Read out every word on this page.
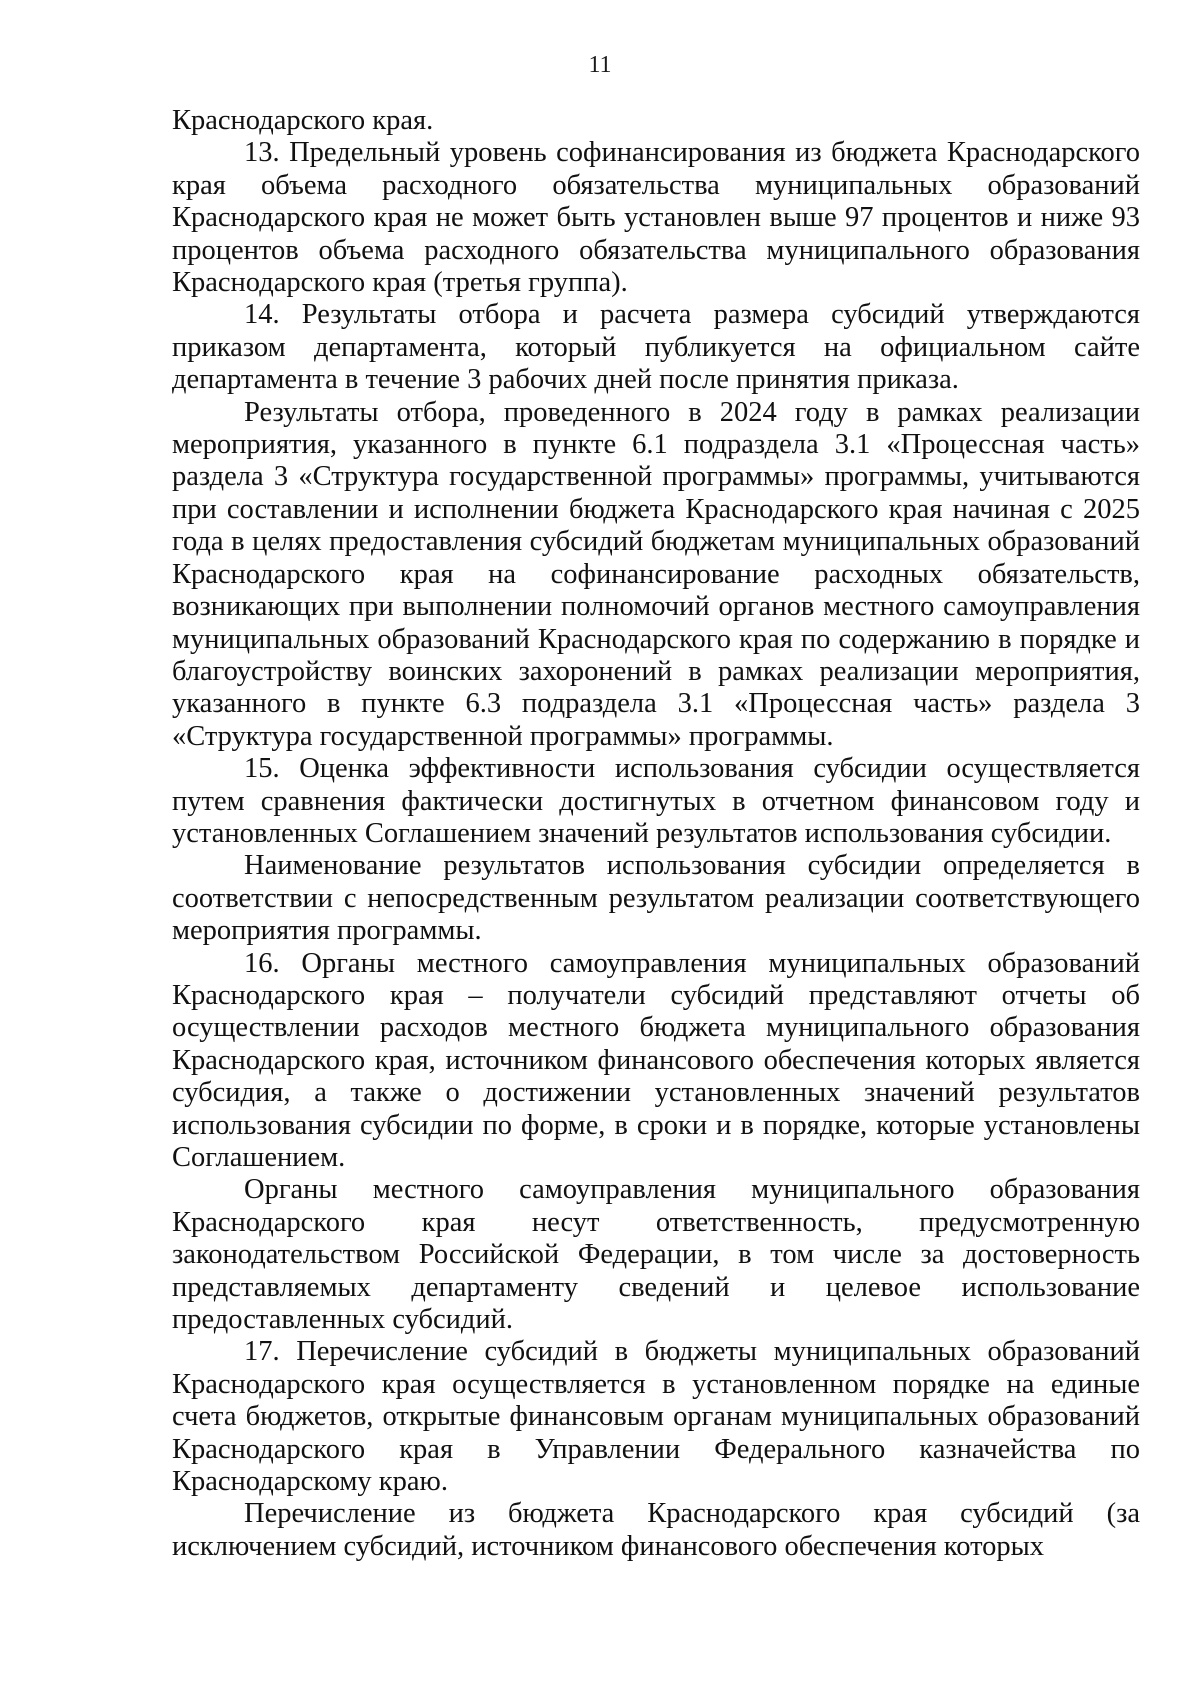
11

Краснодарского края.

13. Предельный уровень софинансирования из бюджета Краснодарского края объема расходного обязательства муниципальных образований Краснодарского края не может быть установлен выше 97 процентов и ниже 93 процентов объема расходного обязательства муниципального образования Краснодарского края (третья группа).

14. Результаты отбора и расчета размера субсидий утверждаются приказом департамента, который публикуется на официальном сайте департамента в течение 3 рабочих дней после принятия приказа.

Результаты отбора, проведенного в 2024 году в рамках реализации мероприятия, указанного в пункте 6.1 подраздела 3.1 «Процессная часть» раздела 3 «Структура государственной программы» программы, учитываются при составлении и исполнении бюджета Краснодарского края начиная с 2025 года в целях предоставления субсидий бюджетам муниципальных образований Краснодарского края на софинансирование расходных обязательств, возникающих при выполнении полномочий органов местного самоуправления муниципальных образований Краснодарского края по содержанию в порядке и благоустройству воинских захоронений в рамках реализации мероприятия, указанного в пункте 6.3 подраздела 3.1 «Процессная часть» раздела 3 «Структура государственной программы» программы.

15. Оценка эффективности использования субсидии осуществляется путем сравнения фактически достигнутых в отчетном финансовом году и установленных Соглашением значений результатов использования субсидии.

Наименование результатов использования субсидии определяется в соответствии с непосредственным результатом реализации соответствующего мероприятия программы.

16. Органы местного самоуправления муниципальных образований Краснодарского края – получатели субсидий представляют отчеты об осуществлении расходов местного бюджета муниципального образования Краснодарского края, источником финансового обеспечения которых является субсидия, а также о достижении установленных значений результатов использования субсидии по форме, в сроки и в порядке, которые установлены Соглашением.

Органы местного самоуправления муниципального образования Краснодарского края несут ответственность, предусмотренную законодательством Российской Федерации, в том числе за достоверность представляемых департаменту сведений и целевое использование предоставленных субсидий.

17. Перечисление субсидий в бюджеты муниципальных образований Краснодарского края осуществляется в установленном порядке на единые счета бюджетов, открытые финансовым органам муниципальных образований Краснодарского края в Управлении Федерального казначейства по Краснодарскому краю.

Перечисление из бюджета Краснодарского края субсидий (за исключением субсидий, источником финансового обеспечения которых
